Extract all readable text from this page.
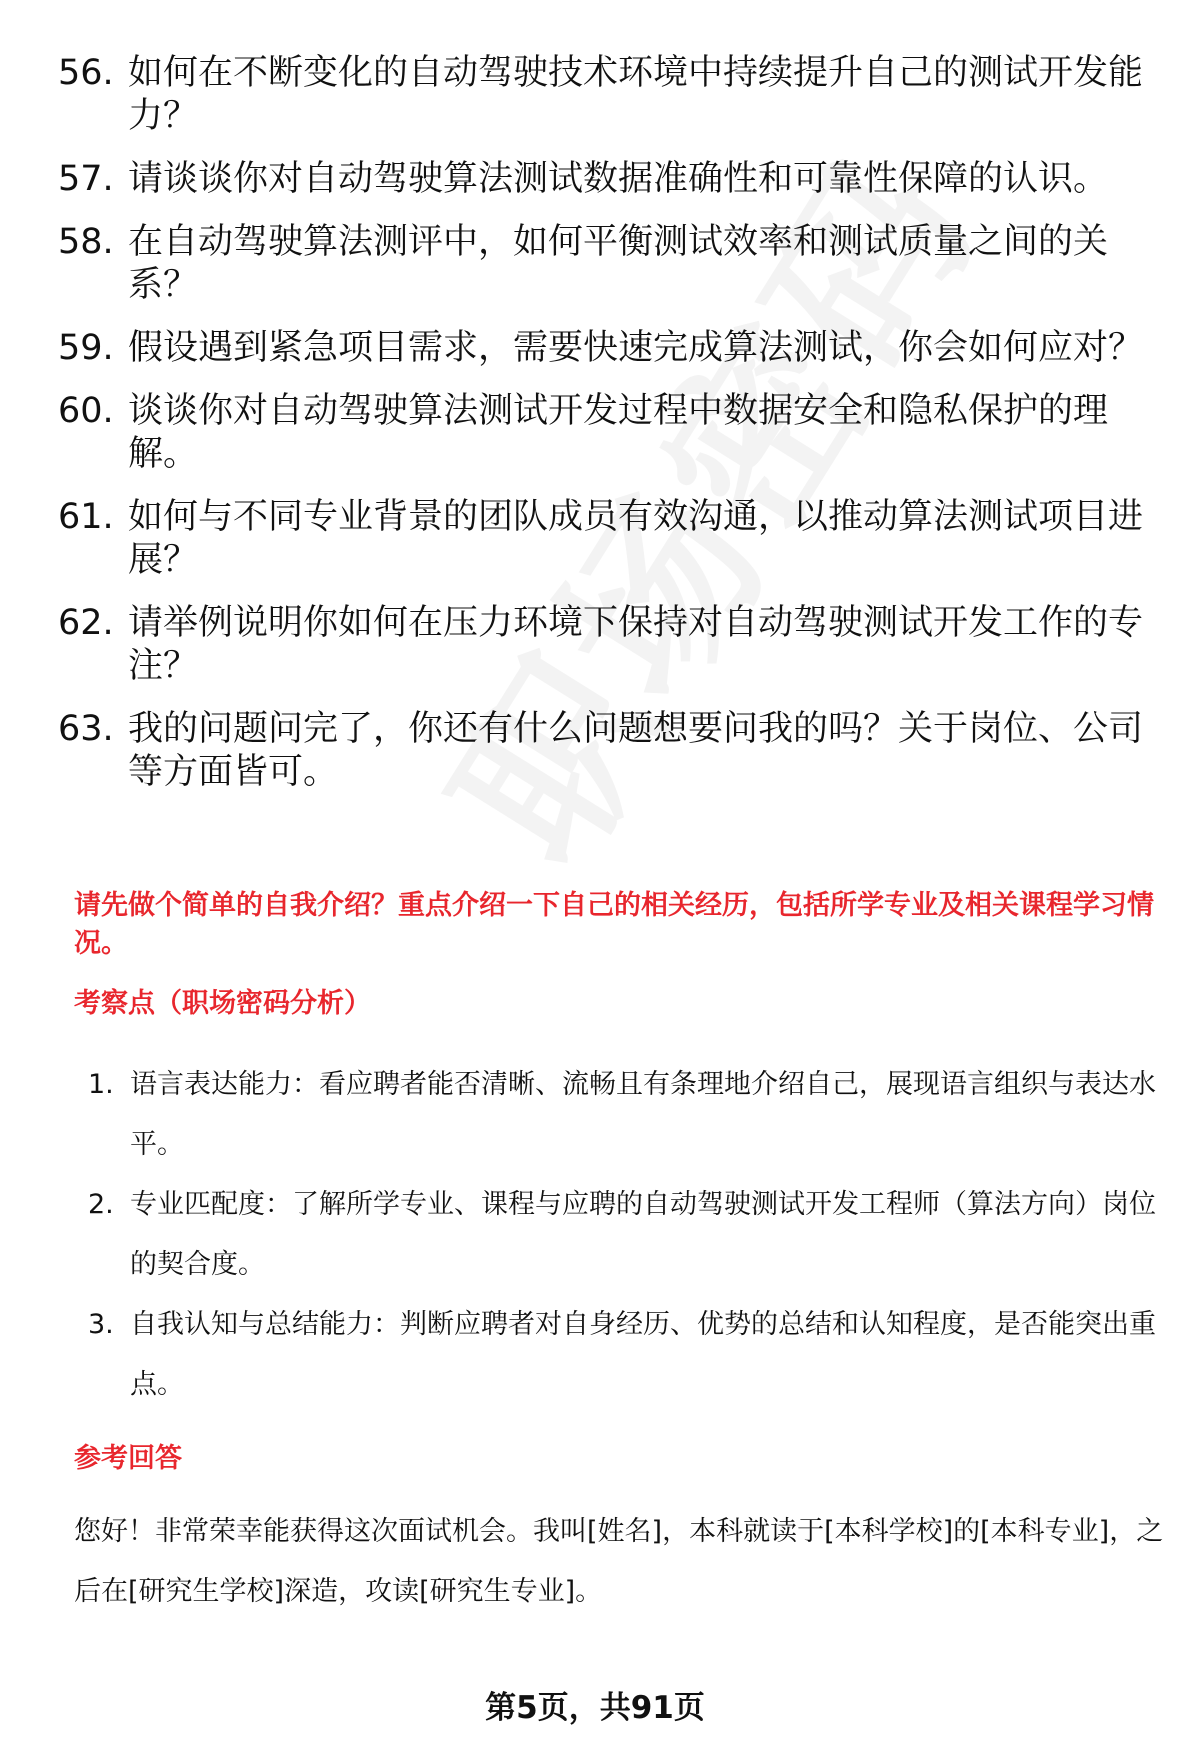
56. 如何在不断变化的自动驾驶技术环境中持续提升自己的测试开发能力？
57. 请谈谈你对自动驾驶算法测试数据准确性和可靠性保障的认识。
58. 在自动驾驶算法测评中，如何平衡测试效率和测试质量之间的关系？
59. 假设遇到紧急项目需求，需要快速完成算法测试，你会如何应对？
60. 谈谈你对自动驾驶算法测试开发过程中数据安全和隐私保护的理解。
61. 如何与不同专业背景的团队成员有效沟通，以推动算法测试项目进展？
62. 请举例说明你如何在压力环境下保持对自动驾驶测试开发工作的专注？
63. 我的问题问完了，你还有什么问题想要问我的吗？关于岗位、公司等方面皆可。

请先做个简单的自我介绍？重点介绍一下自己的相关经历，包括所学专业及相关课程学习情况。

考察点（职场密码分析）

1. 语言表达能力：看应聘者能否清晰、流畅且有条理地介绍自己，展现语言组织与表达水平。
2. 专业匹配度：了解所学专业、课程与应聘的自动驾驶测试开发工程师（算法方向）岗位的契合度。
3. 自我认知与总结能力：判断应聘者对自身经历、优势的总结和认知程度，是否能突出重点。

参考回答

您好！非常荣幸能获得这次面试机会。我叫[姓名]，本科就读于[本科学校]的[本科专业]，之后在[研究生学校]深造，攻读[研究生专业]。

第5页，共91页
